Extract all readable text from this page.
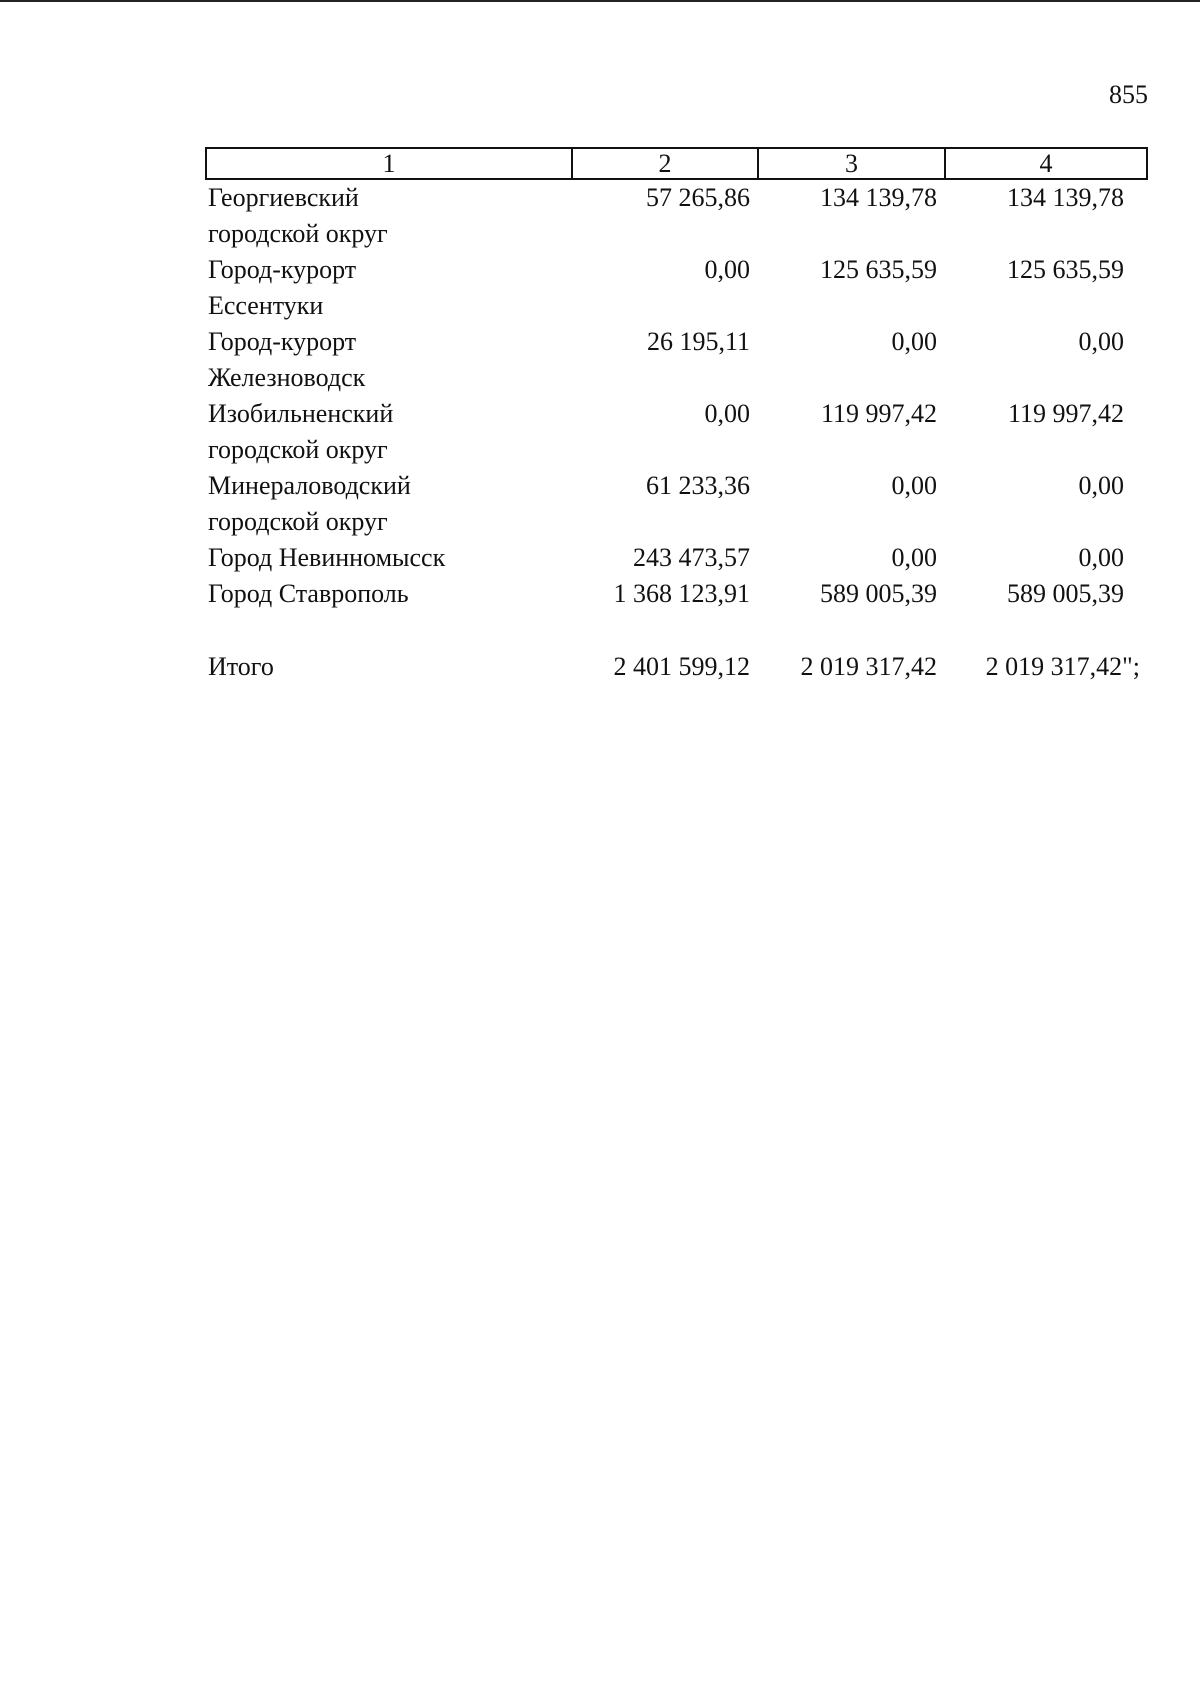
855
1	2	3	4
Георгиевский
городской округ
57 265,86	134 139,78	134 139,78
Город-курорт
Ессентуки
0,00	125 635,59	125 635,59
Город-курорт
Железноводск
26 195,11	0,00	0,00
Изобильненский
городской округ
0,00	119 997,42	119 997,42
Минераловодский
городской округ
61 233,36	0,00	0,00
Город Невинномысск	243 473,57	0,00	0,00
Город Ставрополь	1 368 123,91	589 005,39	589 005,39
Итого	2 401 599,12	2 019 317,42	2 019 317,42";
